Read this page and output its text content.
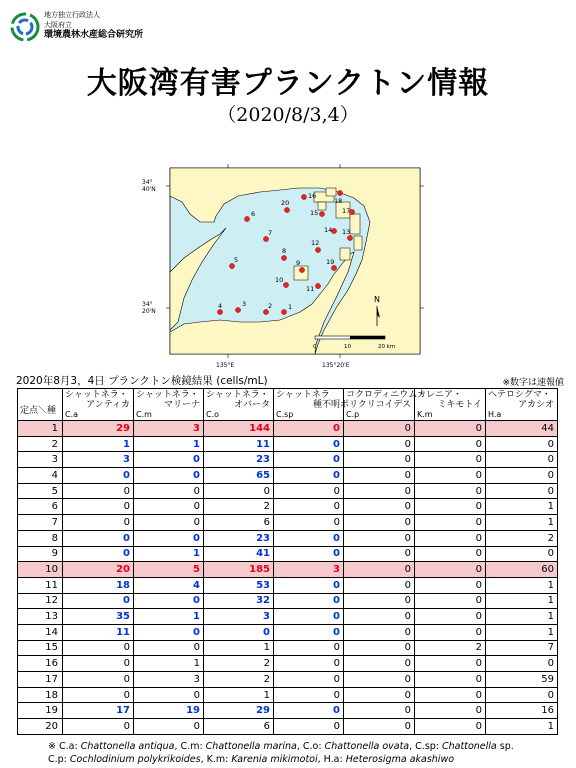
地方独立行政法人
大阪府立
環境農林水産総合研究所
大阪湾有害プランクトン情報
（2020/8/3,4）
34°
40'N
34°
20'N
135°E	135°20'E
0	10	20 km
N
1
2
3
4
5
6
7
8
9
10
11
12
13
14
15
16
17
18
19
20
2020年8月3，4日 プランクトン検鏡結果 (cells/mL)	※数字は速報値
定点＼種	シャットネラ・
アンティカ
C.a	シャットネラ・
マリーナ
C.m	シャットネラ・
オバータ
C.o	シャットネラ
種不明
C.sp	コクロディニウム・
ポリクリコイデス
C.p	カレニア・
ミキモトイ
K.m	ヘテロシグマ・
アカシオ
H.a

1	29	3	144	0	0	0	44
2	1	1	11	0	0	0	0
3	3	0	23	0	0	0	0
4	0	0	65	0	0	0	0
5	0	0	0	0	0	0	0
6	0	0	2	0	0	0	1
7	0	0	6	0	0	0	1
8	0	0	23	0	0	0	2
9	0	1	41	0	0	0	0
10	20	5	185	3	0	0	60
11	18	4	53	0	0	0	1
12	0	0	32	0	0	0	1
13	35	1	3	0	0	0	1
14	11	0	0	0	0	0	1
15	0	0	1	0	0	2	7
16	0	1	2	0	0	0	0
17	0	3	2	0	0	0	59
18	0	0	1	0	0	0	0
19	17	19	29	0	0	0	16
20	0	0	6	0	0	0	1
※ C.a: Chattonella antiqua, C.m: Chattonella marina, C.o: Chattonella ovata, C.sp: Chattonella sp.
C.p: Cochlodinium polykrikoides, K.m: Karenia mikimotoi, H.a: Heterosigma akashiwo
